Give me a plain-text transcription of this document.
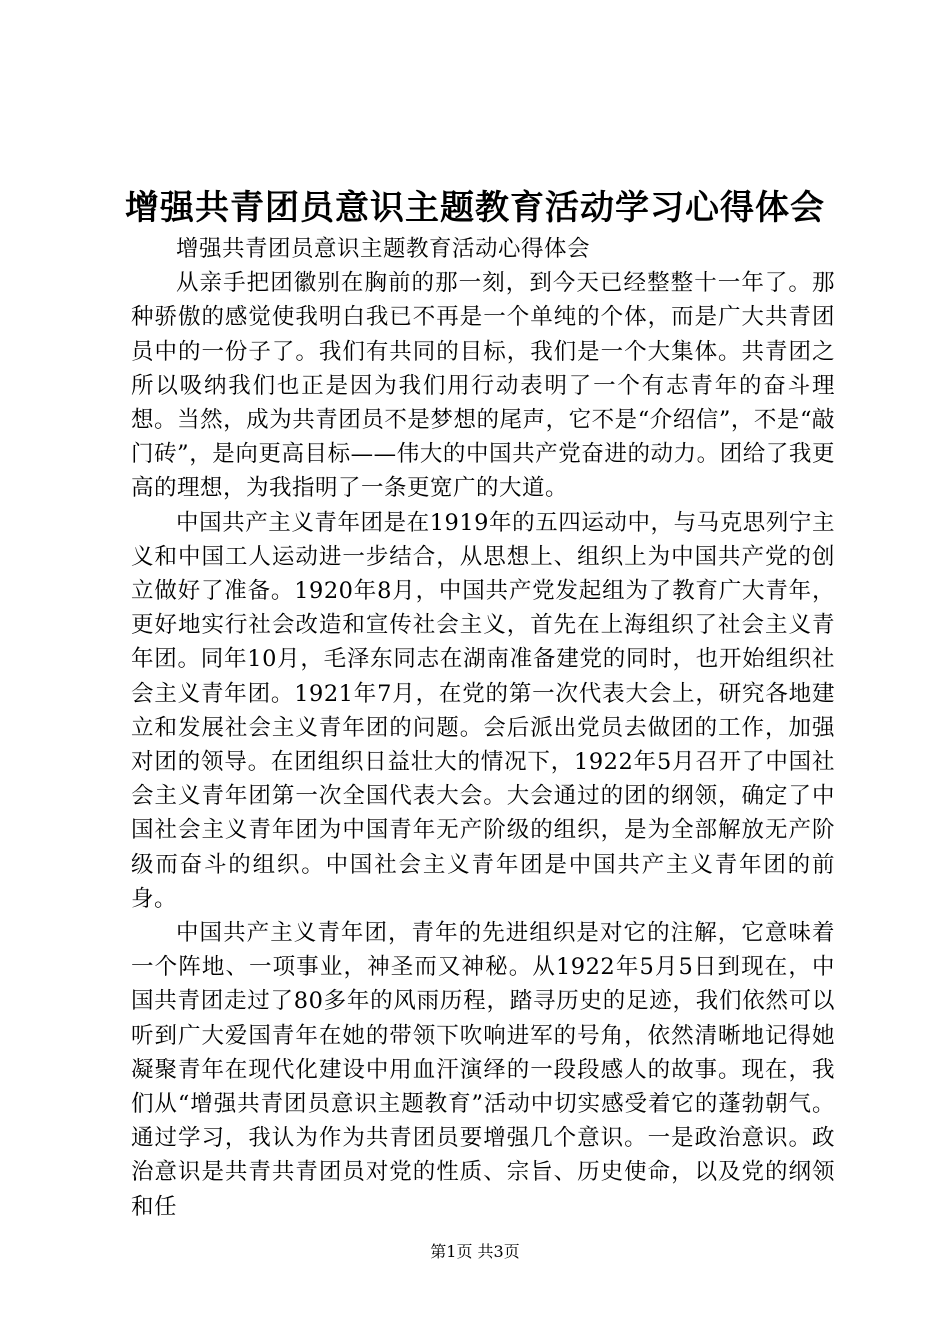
增强共青团员意识主题教育活动学习心得体会

增强共青团员意识主题教育活动心得体会

从亲手把团徽别在胸前的那一刻，到今天已经整整十一年了。那种骄傲的感觉使我明白我已不再是一个单纯的个体，而是广大共青团员中的一份子了。我们有共同的目标，我们是一个大集体。共青团之所以吸纳我们也正是因为我们用行动表明了一个有志青年的奋斗理想。当然，成为共青团员不是梦想的尾声，它不是“介绍信”，不是“敲门砖”，是向更高目标——伟大的中国共产党奋进的动力。团给了我更高的理想，为我指明了一条更宽广的大道。

中国共产主义青年团是在1919年的五四运动中，与马克思列宁主义和中国工人运动进一步结合，从思想上、组织上为中国共产党的创立做好了准备。1920年8月，中国共产党发起组为了教育广大青年，更好地实行社会改造和宣传社会主义，首先在上海组织了社会主义青年团。同年10月，毛泽东同志在湖南准备建党的同时，也开始组织社会主义青年团。1921年7月，在党的第一次代表大会上，研究各地建立和发展社会主义青年团的问题。会后派出党员去做团的工作，加强对团的领导。在团组织日益壮大的情况下，1922年5月召开了中国社会主义青年团第一次全国代表大会。大会通过的团的纲领，确定了中国社会主义青年团为中国青年无产阶级的组织，是为全部解放无产阶级而奋斗的组织。中国社会主义青年团是中国共产主义青年团的前身。

中国共产主义青年团，青年的先进组织是对它的注解，它意味着一个阵地、一项事业，神圣而又神秘。从1922年5月5日到现在，中国共青团走过了80多年的风雨历程，踏寻历史的足迹，我们依然可以听到广大爱国青年在她的带领下吹响进军的号角，依然清晰地记得她凝聚青年在现代化建设中用血汗演绎的一段段感人的故事。现在，我们从“增强共青团员意识主题教育”活动中切实感受着它的蓬勃朝气。通过学习，我认为作为共青团员要增强几个意识。一是政治意识。政治意识是共青共青团员对党的性质、宗旨、历史使命，以及党的纲领和任

第1页 共3页
